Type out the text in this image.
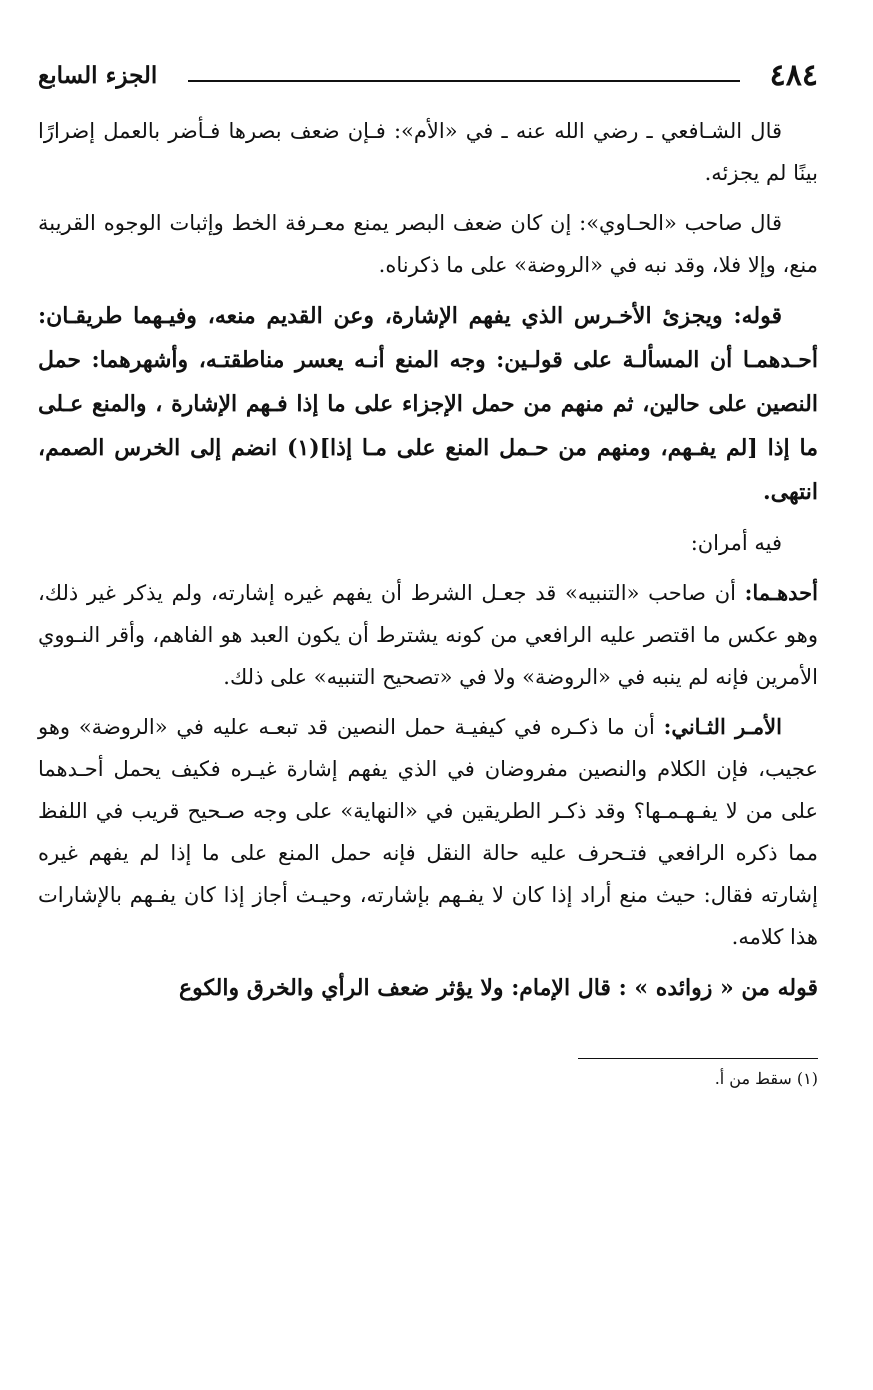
٤٨٤
الجزء السابع

قال الشـافعي ـ رضي الله عنه ـ في «الأم»: فـإن ضعف بصرها فـأضر بالعمل إضرارًا بينًا لم يجزئه.

قال صاحب «الحـاوي»: إن كان ضعف البصر يمنع معـرفة الخط وإثبات الوجوه القريبة منع، وإلا فلا، وقد نبه في «الروضة» على ما ذكرناه.

قوله: ويجزئ الأخـرس الذي يفهم الإشارة، وعن القديم منعه، وفيـهما طريقـان: أحـدهمـا أن المسألـة على قولـين: وجه المنع أنـه يعسر مناطقتـه، وأشهرهما: حمل النصين على حالين، ثم منهم من حمل الإجزاء على ما إذا فـهم الإشارة ، والمنع عـلى ما إذا [لم يفـهم، ومنهم من حـمل المنع على مـا إذا](١) انضم إلى الخرس الصمم، انتهى.

فيه أمران:

أحدهـما: أن صاحب «التنبيه» قد جعـل الشرط أن يفهم غيره إشارته، ولم يذكر غير ذلك، وهو عكس ما اقتصر عليه الرافعي من كونه يشترط أن يكون العبد هو الفاهم، وأقر النـووي الأمرين فإنه لم ينبه في «الروضة» ولا في «تصحيح التنبيه» على ذلك.

الأمـر الثـاني: أن ما ذكـره في كيفيـة حمل النصين قد تبعـه عليه في «الروضة» وهو عجيب، فإن الكلام والنصين مفروضان في الذي يفهم إشارة غيـره فكيف يحمل أحـدهما على من لا يفـهـمـها؟ وقد ذكـر الطريقين في «النهاية» على وجه صـحيح قريب في اللفظ مما ذكره الرافعي فتـحرف عليه حالة النقل فإنه حمل المنع على ما إذا لم يفهم غيره إشارته فقال: حيث منع أراد إذا كان لا يفـهم بإشارته، وحيـث أجاز إذا كان يفـهم بالإشارات هذا كلامه.

قوله من « زوائده » : قال الإمام: ولا يؤثر ضعف الرأي والخرق والكوع

(١) سقط من أ.
